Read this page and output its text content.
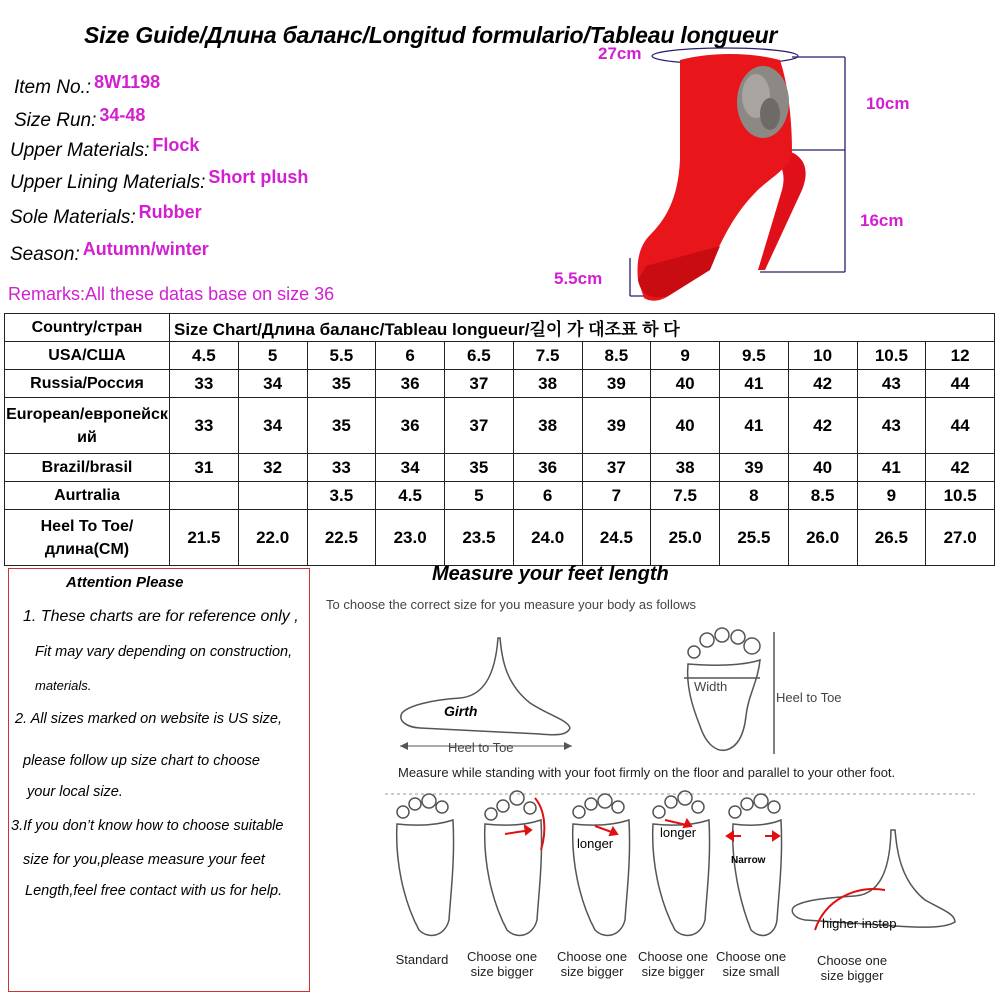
Size Guide/Длина баланс/Longitud formulario/Tableau longueur
Item No.: 8W1198
Size Run: 34-48
Upper Materials: Flock
Upper Lining Materials: Short plush
Sole Materials: Rubber
Season: Autumn/winter
Remarks:All these datas base on size 36
27cm
10cm
16cm
5.5cm
Country/стран	Size Chart/Длина баланс/Tableau longueur/길이 가 대조표 하 다											
USA/США	4.5	5	5.5	6	6.5	7.5	8.5	9	9.5	10	10.5	12
Russia/Россия	33	34	35	36	37	38	39	40	41	42	43	44
European/европейский	33	34	35	36	37	38	39	40	41	42	43	44
Brazil/brasil	31	32	33	34	35	36	37	38	39	40	41	42
Aurtralia			3.5	4.5	5	6	7	7.5	8	8.5	9	10.5
Heel To Toe/длина(CM)	21.5	22.0	22.5	23.0	23.5	24.0	24.5	25.0	25.5	26.0	26.5	27.0
Attention Please
1. These charts are for reference only ,
Fit may vary depending on construction,
materials.
2. All sizes marked on website is US size,
please follow up size chart to choose
your local size.
3.If you don’t know how to choose suitable
size for you,please measure your feet
Length,feel free contact with us for help.
Measure your feet length
To choose the correct size for you measure your body as follows
Girth
Heel to Toe
Width
Heel to Toe
Measure while standing with your foot firmly on the floor and parallel to your other foot.
longer
longer
Narrow
higher instep
Standard	Choose one size bigger
Choose one size bigger
Choose one size bigger
Choose one size small
Choose one size bigger
